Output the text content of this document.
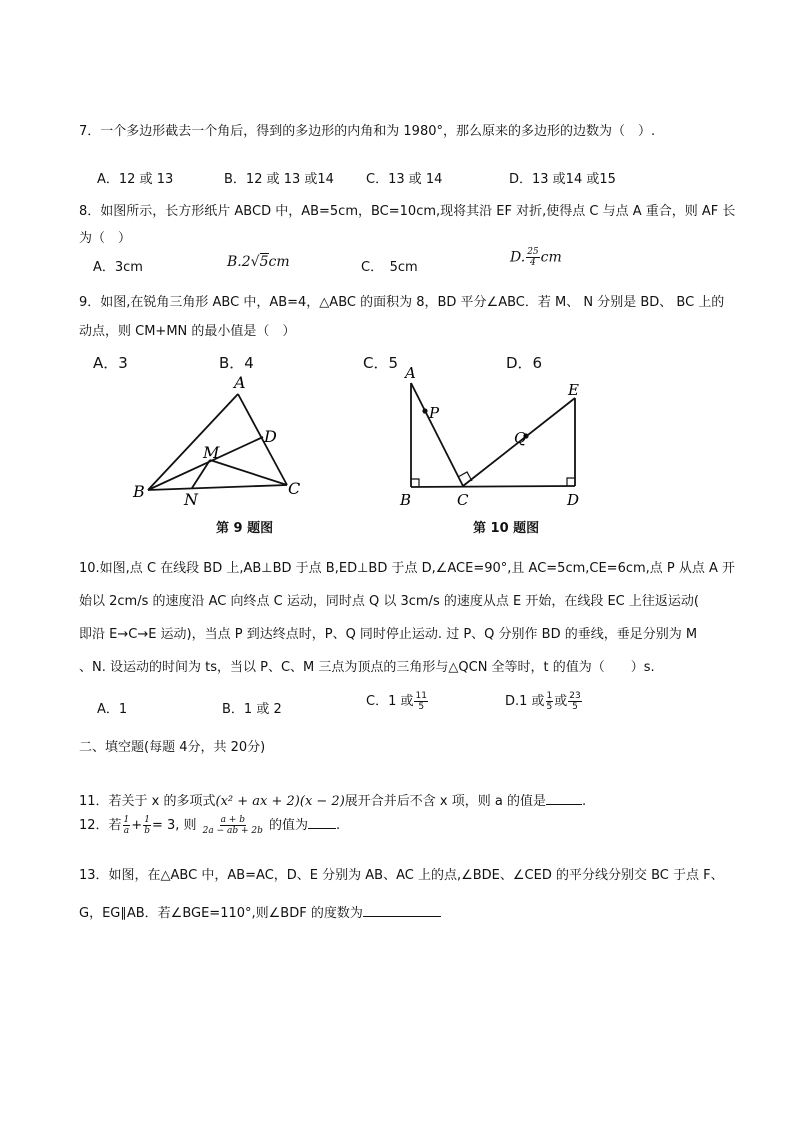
7．一个多边形截去一个角后，得到的多边形的内角和为 1980°，那么原来的多边形的边数为（　）.
A．12 或 13	B．12 或 13 或14 C．13 或 14	D．13 或14 或15
8．如图所示，长方形纸片 ABCD 中，AB=5cm，BC=10cm,现将其沿 EF 对折,使得点 C 与点 A 重合，则 AF 长
为（　）
A．3cm	B.2√5cm	C．　5cm
D. $\frac{25}{4}$ cm
9．如图,在锐角三角形 ABC 中，AB=4，△ABC 的面积为 8，BD 平分∠ABC．若 M、 N 分别是 BD、 BC 上的
动点，则 CM+MN 的最小值是（　）
A．3	B．4	C．5	D．6
A
B	C
D
M
N
第 9 题图
A
P
B	C
Q
E
D
第 10 题图
10.如图,点 C 在线段 BD 上,AB⊥BD 于点 B,ED⊥BD 于点 D,∠ACE=90°,且 AC=5cm,CE=6cm,点 P 从点 A 开
始以 2cm/s 的速度沿 AC 向终点 C 运动，同时点 Q 以 3cm/s 的速度从点 E 开始，在线段 EC 上往返运动(
即沿 E→C→E 运动)，当点 P 到达终点时，P、Q 同时停止运动. 过 P、Q 分别作 BD 的垂线，垂足分别为 M
、N. 设运动的时间为 ts，当以 P、C、M 三点为顶点的三角形与△QCN 全等时，t 的值为（　　）s.
A．1	B．1 或 2
C．1 或 $\frac{11}{5}$	D.1 或 $\frac{1}{5}$ 或 $\frac{23}{5}$
二、填空题(每题 4分，共 20分)
11．若关于 x 的多项式(x² + ax + 2)(x − 2)展开合并后不含 x 项，则 a 的值是	.
12．若 $\frac{1}{a} + \frac{1}{b} = 3$, 则 $\frac{a + b}{2a - ab + 2b}$ 的值为 .
13．如图，在△ABC 中，AB=AC，D、E 分别为 AB、AC 上的点,∠BDE、∠CED 的平分线分别交 BC 于点 F、
G，EG∥AB．若∠BGE=110°,则∠BDF 的度数为
